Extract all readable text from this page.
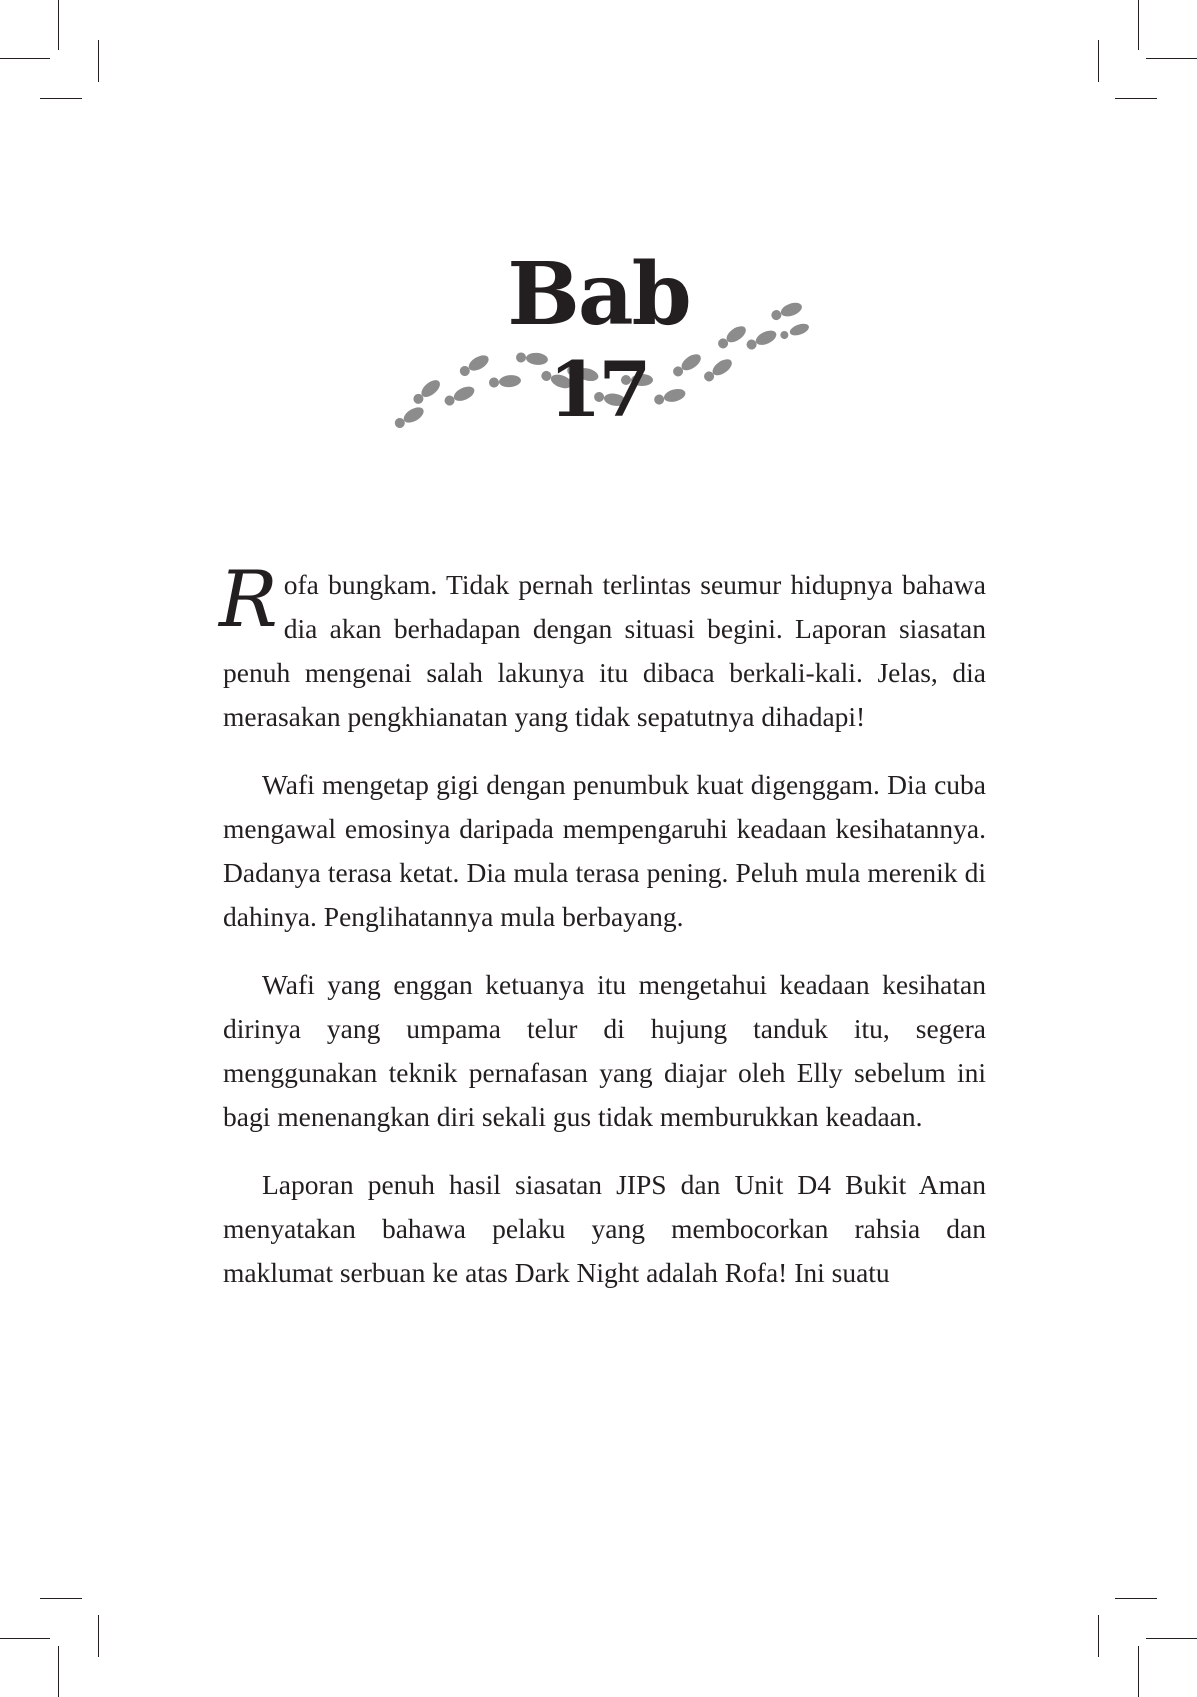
Bab
17

Rofa bungkam. Tidak pernah terlintas seumur hidupnya bahawa dia akan berhadapan dengan situasi begini. Laporan siasatan penuh mengenai salah lakunya itu dibaca berkali-kali. Jelas, dia merasakan pengkhianatan yang tidak sepatutnya dihadapi!

Wafi mengetap gigi dengan penumbuk kuat digenggam. Dia cuba mengawal emosinya daripada mempengaruhi keadaan kesihatannya. Dadanya terasa ketat. Dia mula terasa pening. Peluh mula merenik di dahinya. Penglihatannya mula berbayang.

Wafi yang enggan ketuanya itu mengetahui keadaan kesihatan dirinya yang umpama telur di hujung tanduk itu, segera menggunakan teknik pernafasan yang diajar oleh Elly sebelum ini bagi menenangkan diri sekali gus tidak memburukkan keadaan.

Laporan penuh hasil siasatan JIPS dan Unit D4 Bukit Aman menyatakan bahawa pelaku yang membocorkan rahsia dan maklumat serbuan ke atas Dark Night adalah Rofa! Ini suatu
